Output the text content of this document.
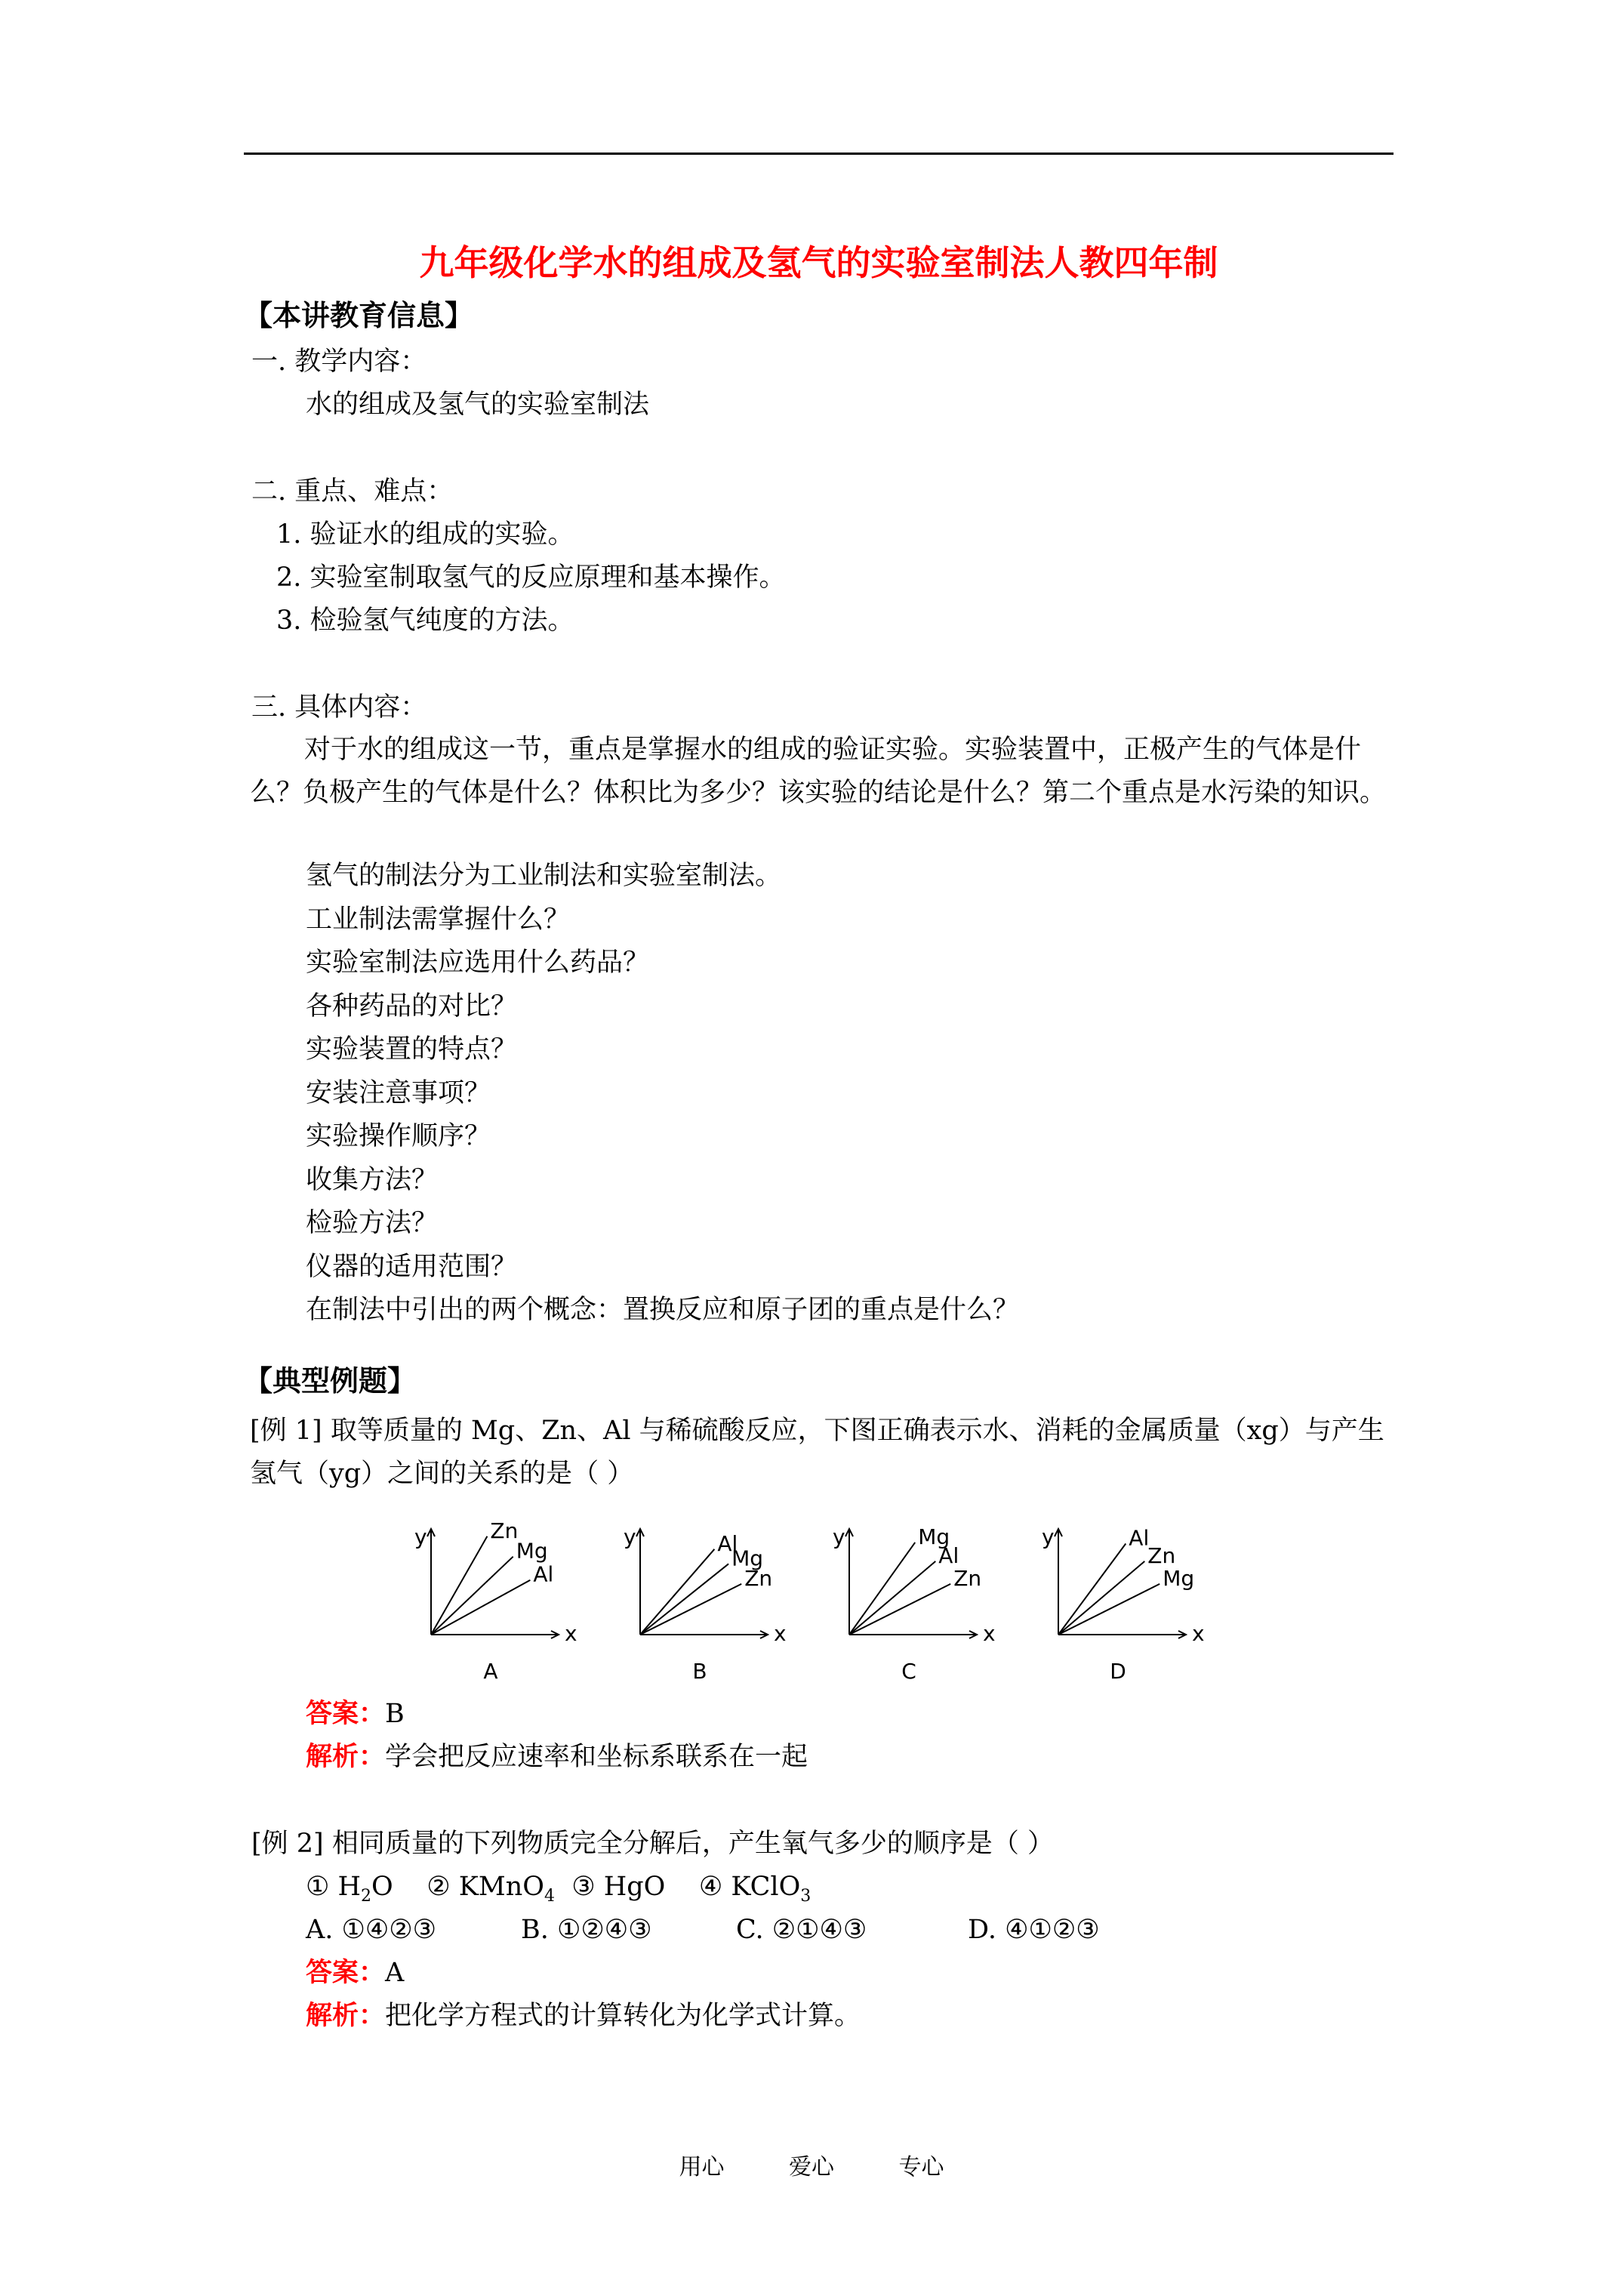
九年级化学水的组成及氢气的实验室制法人教四年制
【本讲教育信息】
一. 教学内容：
水的组成及氢气的实验室制法
二. 重点、难点：
1. 验证水的组成的实验。
2. 实验室制取氢气的反应原理和基本操作。
3. 检验氢气纯度的方法。
三. 具体内容：
对于水的组成这一节，重点是掌握水的组成的验证实验。实验装置中，正极产生的气体是什么？负极产生的气体是什么？体积比为多少？该实验的结论是什么？第二个重点是水污染的知识。
氢气的制法分为工业制法和实验室制法。
工业制法需掌握什么？
实验室制法应选用什么药品？
各种药品的对比？
实验装置的特点？
安装注意事项？
实验操作顺序？
收集方法？
检验方法？
仪器的适用范围？
在制法中引出的两个概念：置换反应和原子团的重点是什么？
【典型例题】
[例 1] 取等质量的 Mg、Zn、Al 与稀硫酸反应，下图正确表示水、消耗的金属质量（xg）与产生氢气（yg）之间的关系的是（ ）
y
x
Zn
Mg
Al
A
y
x
Al
Mg
Zn
B
y
x
Mg
Al
Zn
C
y
x
Al
Zn
Mg
D
答案：B
解析：学会把反应速率和坐标系联系在一起
[例 2] 相同质量的下列物质完全分解后，产生氧气多少的顺序是（ ）
① $H_2O$ ② KMnO$_4$ ③ HgO ④ KClO$_3$
A. ①④②③	B. ①②④③	C. ②①④③	D. ④①②③
答案：A
解析：把化学方程式的计算转化为化学式计算。
用心	爱心	专心
